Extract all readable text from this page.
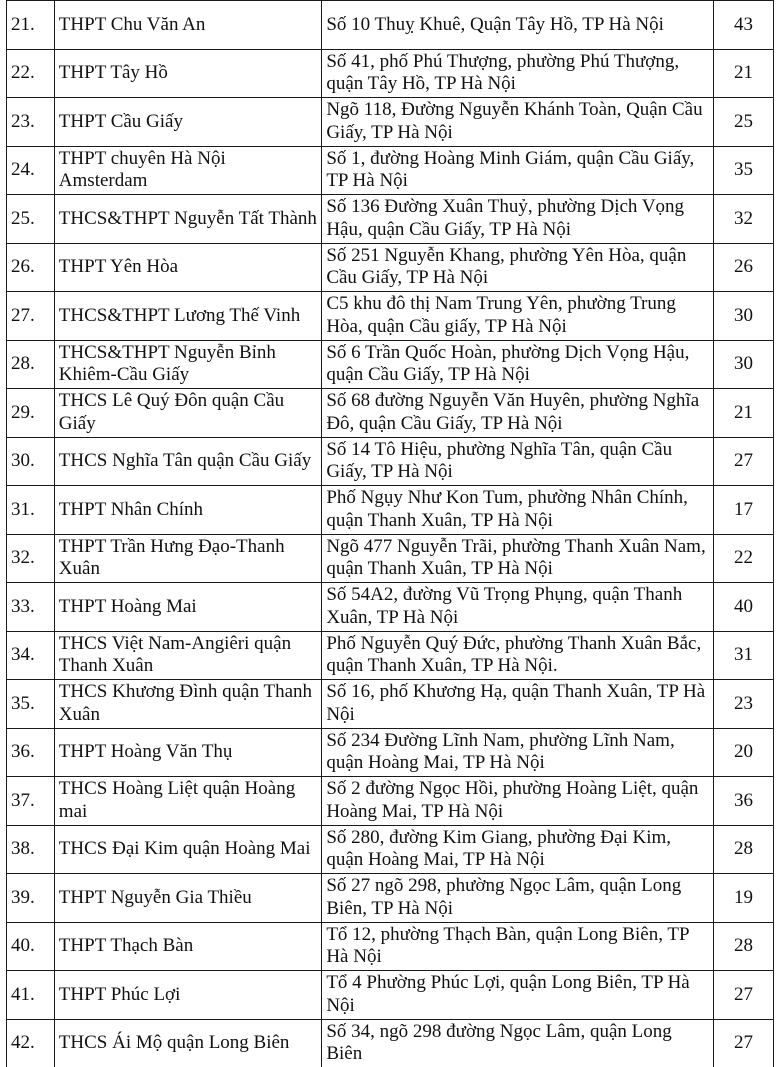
21.	THPT Chu Văn An	Số 10 Thuỵ Khuê, Quận Tây Hồ, TP Hà Nội	43
22.	THPT Tây Hồ	Số 41, phố Phú Thượng, phường Phú Thượng, quận Tây Hồ, TP Hà Nội	21
23.	THPT Cầu Giấy	Ngõ 118, Đường Nguyễn Khánh Toàn, Quận Cầu Giấy, TP Hà Nội	25
24.	THPT chuyên Hà Nội Amsterdam	Số 1, đường Hoàng Minh Giám, quận Cầu Giấy, TP Hà Nội	35
25.	THCS&THPT Nguyễn Tất Thành	Số 136 Đường Xuân Thuỷ, phường Dịch Vọng Hậu, quận Cầu Giấy, TP Hà Nội	32
26.	THPT Yên Hòa	Số 251 Nguyễn Khang, phường Yên Hòa, quận Cầu Giấy, TP Hà Nội	26
27.	THCS&THPT Lương Thế Vinh	C5 khu đô thị Nam Trung Yên, phường Trung Hòa, quận Cầu giấy, TP Hà Nội	30
28.	THCS&THPT Nguyễn Bỉnh Khiêm-Cầu Giấy	Số 6 Trần Quốc Hoàn, phường Dịch Vọng Hậu, quận Cầu Giấy, TP Hà Nội	30
29.	THCS Lê Quý Đôn quận Cầu Giấy	Số 68 đường Nguyễn Văn Huyên, phường Nghĩa Đô, quận Cầu Giấy, TP Hà Nội	21
30.	THCS Nghĩa Tân quận Cầu Giấy	Số 14 Tô Hiệu, phường Nghĩa Tân, quận Cầu Giấy, TP Hà Nội	27
31.	THPT Nhân Chính	Phố Ngụy Như Kon Tum, phường Nhân Chính, quận Thanh Xuân, TP Hà Nội	17
32.	THPT Trần Hưng Đạo-Thanh Xuân	Ngõ 477 Nguyễn Trãi, phường Thanh Xuân Nam, quận Thanh Xuân, TP Hà Nội	22
33.	THPT Hoàng Mai	Số 54A2, đường Vũ Trọng Phụng, quận Thanh Xuân, TP Hà Nội	40
34.	THCS Việt Nam-Angiêri quận Thanh Xuân	Phố Nguyễn Quý Đức, phường Thanh Xuân Bắc, quận Thanh Xuân, TP Hà Nội.	31
35.	THCS Khương Đình quận Thanh Xuân	Số 16, phố Khương Hạ, quận Thanh Xuân, TP Hà Nội	23
36.	THPT Hoàng Văn Thụ	Số 234 Đường Lĩnh Nam, phường Lĩnh Nam, quận Hoàng Mai, TP Hà Nội	20
37.	THCS Hoàng Liệt quận Hoàng mai	Số 2 đường Ngọc Hồi, phường Hoàng Liệt, quận Hoàng Mai, TP Hà Nội	36
38.	THCS Đại Kim quận Hoàng Mai	Số 280, đường Kim Giang, phường Đại Kim, quận Hoàng Mai, TP Hà Nội	28
39.	THPT Nguyễn Gia Thiều	Số 27 ngõ 298, phường Ngọc Lâm, quận Long Biên, TP Hà Nội	19
40.	THPT Thạch Bàn	Tổ 12, phường Thạch Bàn, quận Long Biên, TP Hà Nội	28
41.	THPT Phúc Lợi	Tổ 4 Phường Phúc Lợi, quận Long Biên, TP Hà Nội	27
42.	THCS Ái Mộ quận Long Biên	Số 34, ngõ 298 đường Ngọc Lâm, quận Long Biên	27
